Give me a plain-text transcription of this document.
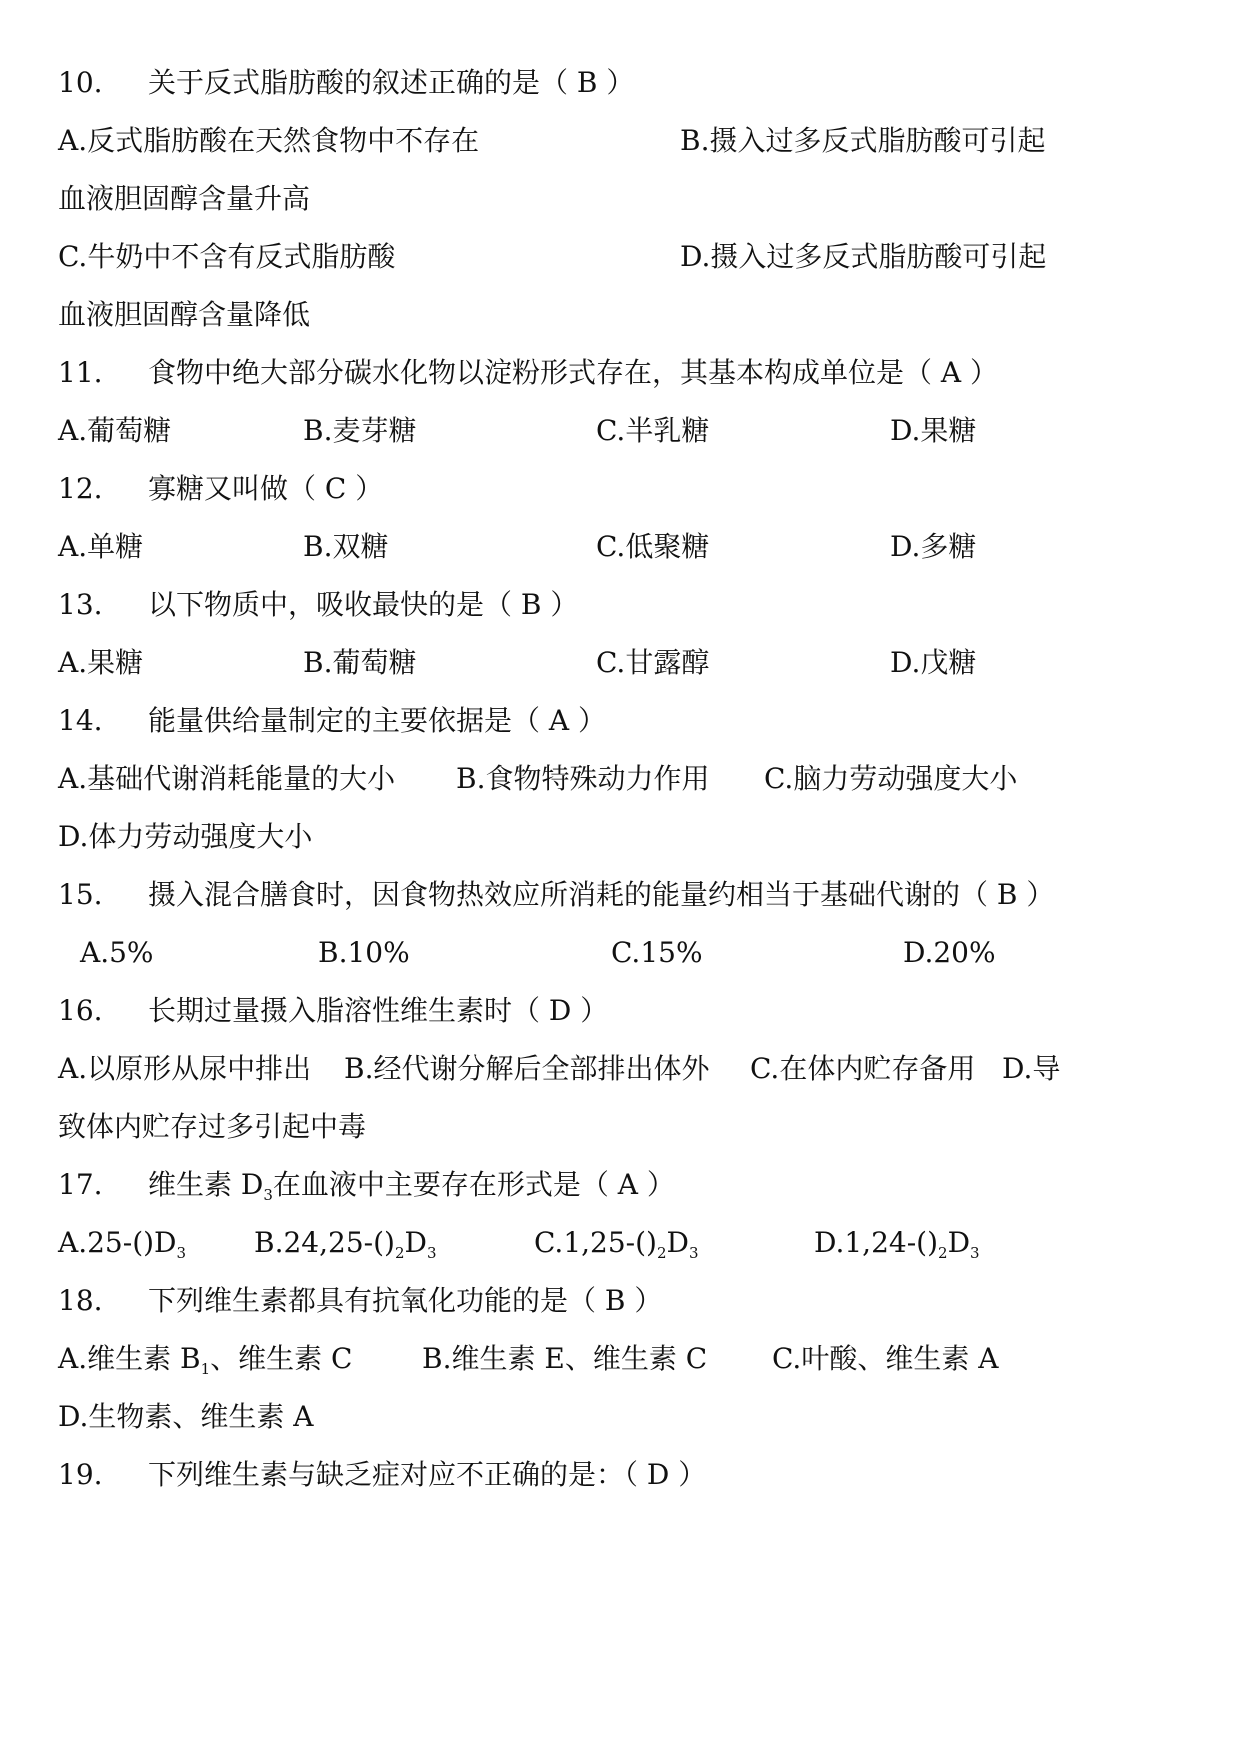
10. 关于反式脂肪酸的叙述正确的是（ B ）
A.反式脂肪酸在天然食物中不存在	B.摄入过多反式脂肪酸可引起
血液胆固醇含量升高
C.牛奶中不含有反式脂肪酸	D.摄入过多反式脂肪酸可引起
血液胆固醇含量降低
11. 食物中绝大部分碳水化物以淀粉形式存在，其基本构成单位是（ A ）
A.葡萄糖	B.麦芽糖	C.半乳糖	D.果糖
12. 寡糖又叫做（ C ）
A.单糖	B.双糖	C.低聚糖	D.多糖
13. 以下物质中，吸收最快的是（ B ）
A.果糖	B.葡萄糖	C.甘露醇	D.戊糖
14. 能量供给量制定的主要依据是（ A ）
A.基础代谢消耗能量的大小 B.食物特殊动力作用 C.脑力劳动强度大小
D.体力劳动强度大小
15. 摄入混合膳食时，因食物热效应所消耗的能量约相当于基础代谢的（ B ）
A.5%	B.10%	C.15%	D.20%
16. 长期过量摄入脂溶性维生素时（ D ）
A.以原形从尿中排出 B.经代谢分解后全部排出体外 C.在体内贮存备用 D.导
致体内贮存过多引起中毒
17. 维生素 $D_3$在血液中主要存在形式是（ A ）
$A.25-()D_3$ $B.24,25-()_2D_3$	$C.1,25-()_2D_3$	$D.1,24-()_2D_3$
18. 下列维生素都具有抗氧化功能的是（ B ）
A.维生素 $B_1$、维生素 C B.维生素 E、维生素 C C.叶酸、维生素 A
D.生物素、维生素 A
19. 下列维生素与缺乏症对应不正确的是：（ D ）
